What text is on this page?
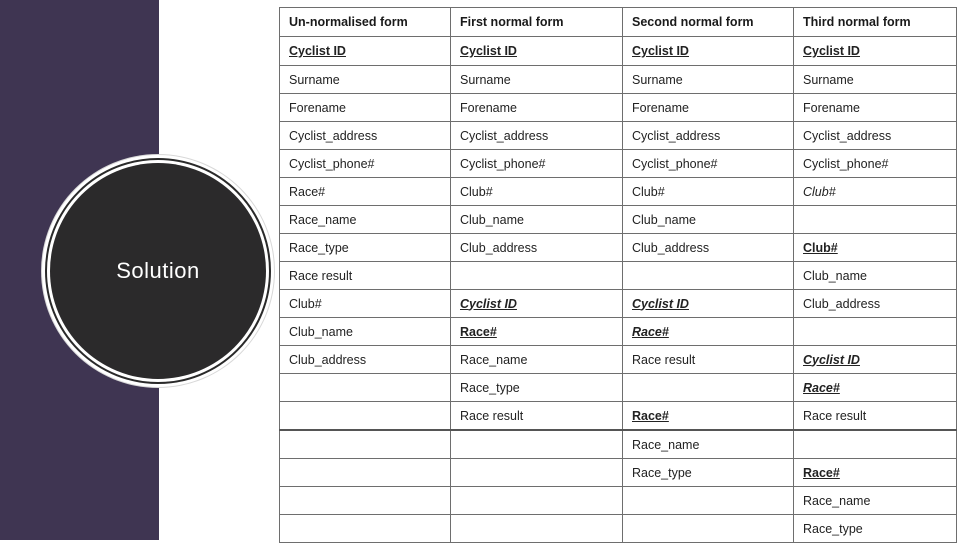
Solution
Un-normalised form	First normal form	Second normal form	Third normal form
Cyclist ID	Cyclist ID	Cyclist ID	Cyclist ID
Surname	Surname	Surname	Surname
Forename	Forename	Forename	Forename
Cyclist_address	Cyclist_address	Cyclist_address	Cyclist_address
Cyclist_phone#	Cyclist_phone#	Cyclist_phone#	Cyclist_phone#
Race#	Club#	Club#	Club#
Race_name	Club_name	Club_name	
Race_type	Club_address	Club_address	Club#
Race result			Club_name
Club#	Cyclist ID	Cyclist ID	Club_address
Club_name	Race#	Race#	
Club_address	Race_name	Race result	Cyclist ID
	Race_type		Race#
	Race result	Race#	Race result
		Race_name	
		Race_type	Race#
			Race_name
			Race_type
